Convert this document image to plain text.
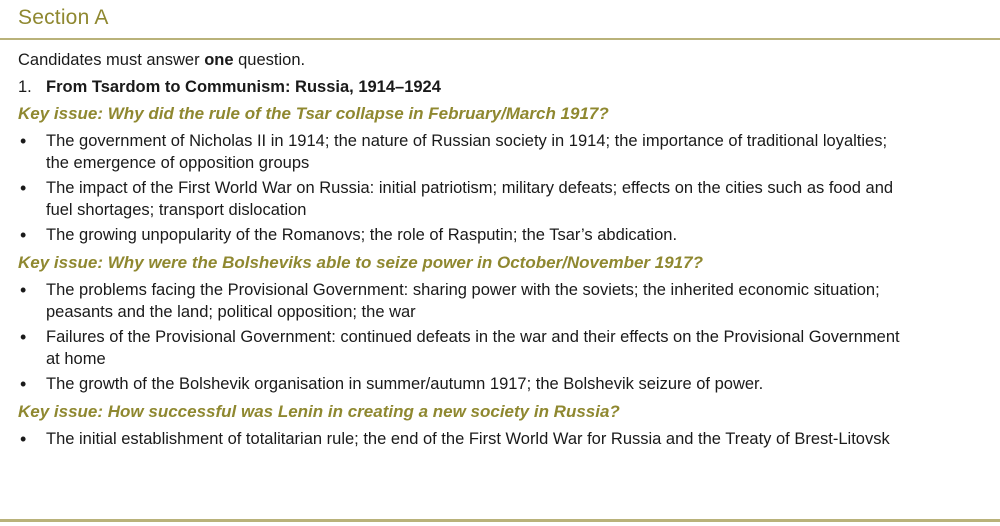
Section A

Candidates must answer one question.

1. From Tsardom to Communism: Russia, 1914–1924
Key issue: Why did the rule of the Tsar collapse in February/March 1917?
• The government of Nicholas II in 1914; the nature of Russian society in 1914; the importance of traditional loyalties; the emergence of opposition groups
• The impact of the First World War on Russia: initial patriotism; military defeats; effects on the cities such as food and fuel shortages; transport dislocation
• The growing unpopularity of the Romanovs; the role of Rasputin; the Tsar’s abdication.
Key issue: Why were the Bolsheviks able to seize power in October/November 1917?
• The problems facing the Provisional Government: sharing power with the soviets; the inherited economic situation; peasants and the land; political opposition; the war
• Failures of the Provisional Government: continued defeats in the war and their effects on the Provisional Government at home
• The growth of the Bolshevik organisation in summer/autumn 1917; the Bolshevik seizure of power.
Key issue: How successful was Lenin in creating a new society in Russia?
• The initial establishment of totalitarian rule; the end of the First World War for Russia and the Treaty of Brest-Litovsk
